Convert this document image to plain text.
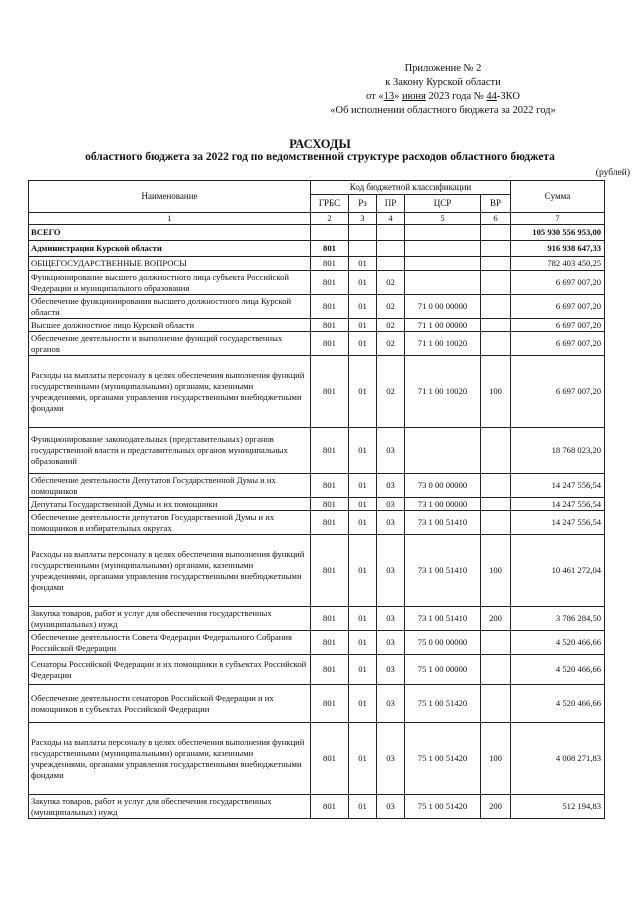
Приложение № 2
к Закону Курской области
от «13» июня 2023 года № 44-ЗКО
«Об исполнении областного бюджета за 2022 год»
РАСХОДЫ
областного бюджета за 2022 год по ведомственной структуре расходов областного бюджета
(рублей)
Наименование	Код бюджетной классификации					Сумма
	ГРБС	Рз	ПР	ЦСР	ВР	
1	2	3	4	5	6	7
ВСЕГО						105 930 556 953,00
Администрация Курской области	801					916 938 647,33
ОБЩЕГОСУДАРСТВЕННЫЕ ВОПРОСЫ	801	01				782 403 450,25
Функционирование высшего должностного лица субъекта Российской Федерации и муниципального образования	801	01	02			6 697 007,20
Обеспечение функционирования высшего должностного лица Курской области	801	01	02	71 0 00 00000		6 697 007,20
Высшее должностное лицо Курской области	801	01	02	71 1 00 00000		6 697 007,20
Обеспечение деятельности и выполнение функций государственных органов	801	01	02	71 1 00 10020		6 697 007,20
Расходы на выплаты персоналу в целях обеспечения выполнения функций государственными (муниципальными) органами, казенными учреждениями, органами управления государственными внебюджетными фондами	801	01	02	71 1 00 10020	100	6 697 007,20
Функционирование законодательных (представительных) органов государственной власти и представительных органов муниципальных образований	801	01	03			18 768 023,20
Обеспечение деятельности Депутатов Государственной Думы и их помощников	801	01	03	73 0 00 00000		14 247 556,54
Депутаты Государственной Думы и их помощники	801	01	03	73 1 00 00000		14 247 556,54
Обеспечение деятельности депутатов Государственной Думы и их помощников в избирательных округах	801	01	03	73 1 00 51410		14 247 556,54
Расходы на выплаты персоналу в целях обеспечения выполнения функций государственными (муниципальными) органами, казенными учреждениями, органами управления государственными внебюджетными фондами	801	01	03	73 1 00 51410	100	10 461 272,04
Закупка товаров, работ и услуг для обеспечения государственных (муниципальных) нужд	801	01	03	73 1 00 51410	200	3 786 284,50
Обеспечение деятельности Совета Федерации Федерального Собрания Российской Федерации	801	01	03	75 0 00 00000		4 520 466,66
Сенаторы Российской Федерации и их помощники в субъектах Российской Федерации	801	01	03	75 1 00 00000		4 520 466,66
Обеспечение деятельности сенаторов Российской Федерации и их помощников в субъектах Российской Федерации	801	01	03	75 1 00 51420		4 520 466,66
Расходы на выплаты персоналу в целях обеспечения выполнения функций государственными (муниципальными) органами, казенными учреждениями, органами управления государственными внебюджетными фондами	801	01	03	75 1 00 51420	100	4 008 271,83
Закупка товаров, работ и услуг для обеспечения государственных (муниципальных) нужд	801	01	03	75 1 00 51420	200	512 194,83
